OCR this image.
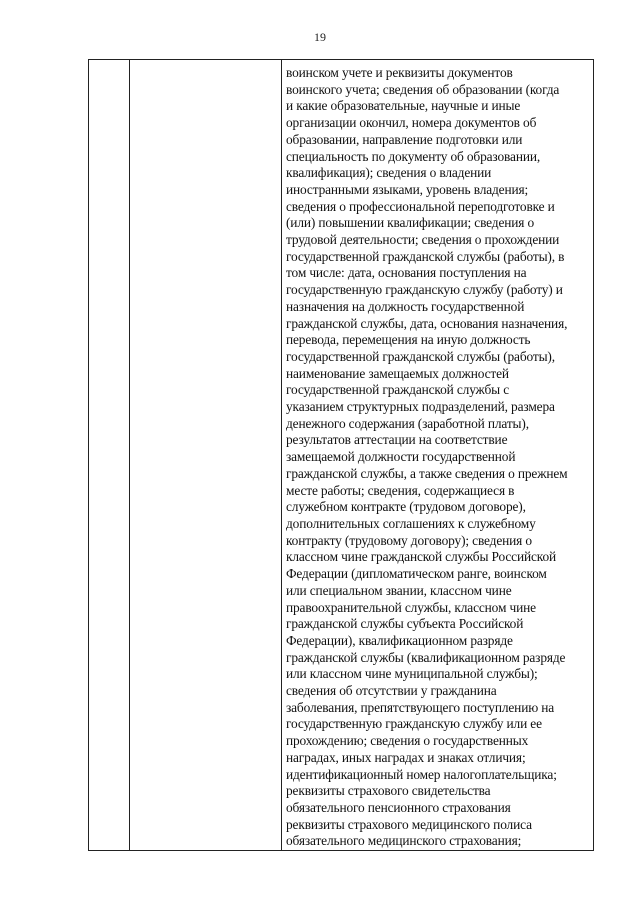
19

воинском учете и реквизиты документов
воинского учета; сведения об образовании (когда
и какие образовательные, научные и иные
организации окончил, номера документов об
образовании, направление подготовки или
специальность по документу об образовании,
квалификация); сведения о владении
иностранными языками, уровень владения;
сведения о профессиональной переподготовке и
(или) повышении квалификации; сведения о
трудовой деятельности; сведения о прохождении
государственной гражданской службы (работы), в
том числе: дата, основания поступления на
государственную гражданскую службу (работу) и
назначения на должность государственной
гражданской службы, дата, основания назначения,
перевода, перемещения на иную должность
государственной гражданской службы (работы),
наименование замещаемых должностей
государственной гражданской службы с
указанием структурных подразделений, размера
денежного содержания (заработной платы),
результатов аттестации на соответствие
замещаемой должности государственной
гражданской службы, а также сведения о прежнем
месте работы; сведения, содержащиеся в
служебном контракте (трудовом договоре),
дополнительных соглашениях к служебному
контракту (трудовому договору); сведения о
классном чине гражданской службы Российской
Федерации (дипломатическом ранге, воинском
или специальном звании, классном чине
правоохранительной службы, классном чине
гражданской службы субъекта Российской
Федерации), квалификационном разряде
гражданской службы (квалификационном разряде
или классном чине муниципальной службы);
сведения об отсутствии у гражданина
заболевания, препятствующего поступлению на
государственную гражданскую службу или ее
прохождению; сведения о государственных
наградах, иных наградах и знаках отличия;
идентификационный номер налогоплательщика;
реквизиты страхового свидетельства
обязательного пенсионного страхования
реквизиты страхового медицинского полиса
обязательного медицинского страхования;
